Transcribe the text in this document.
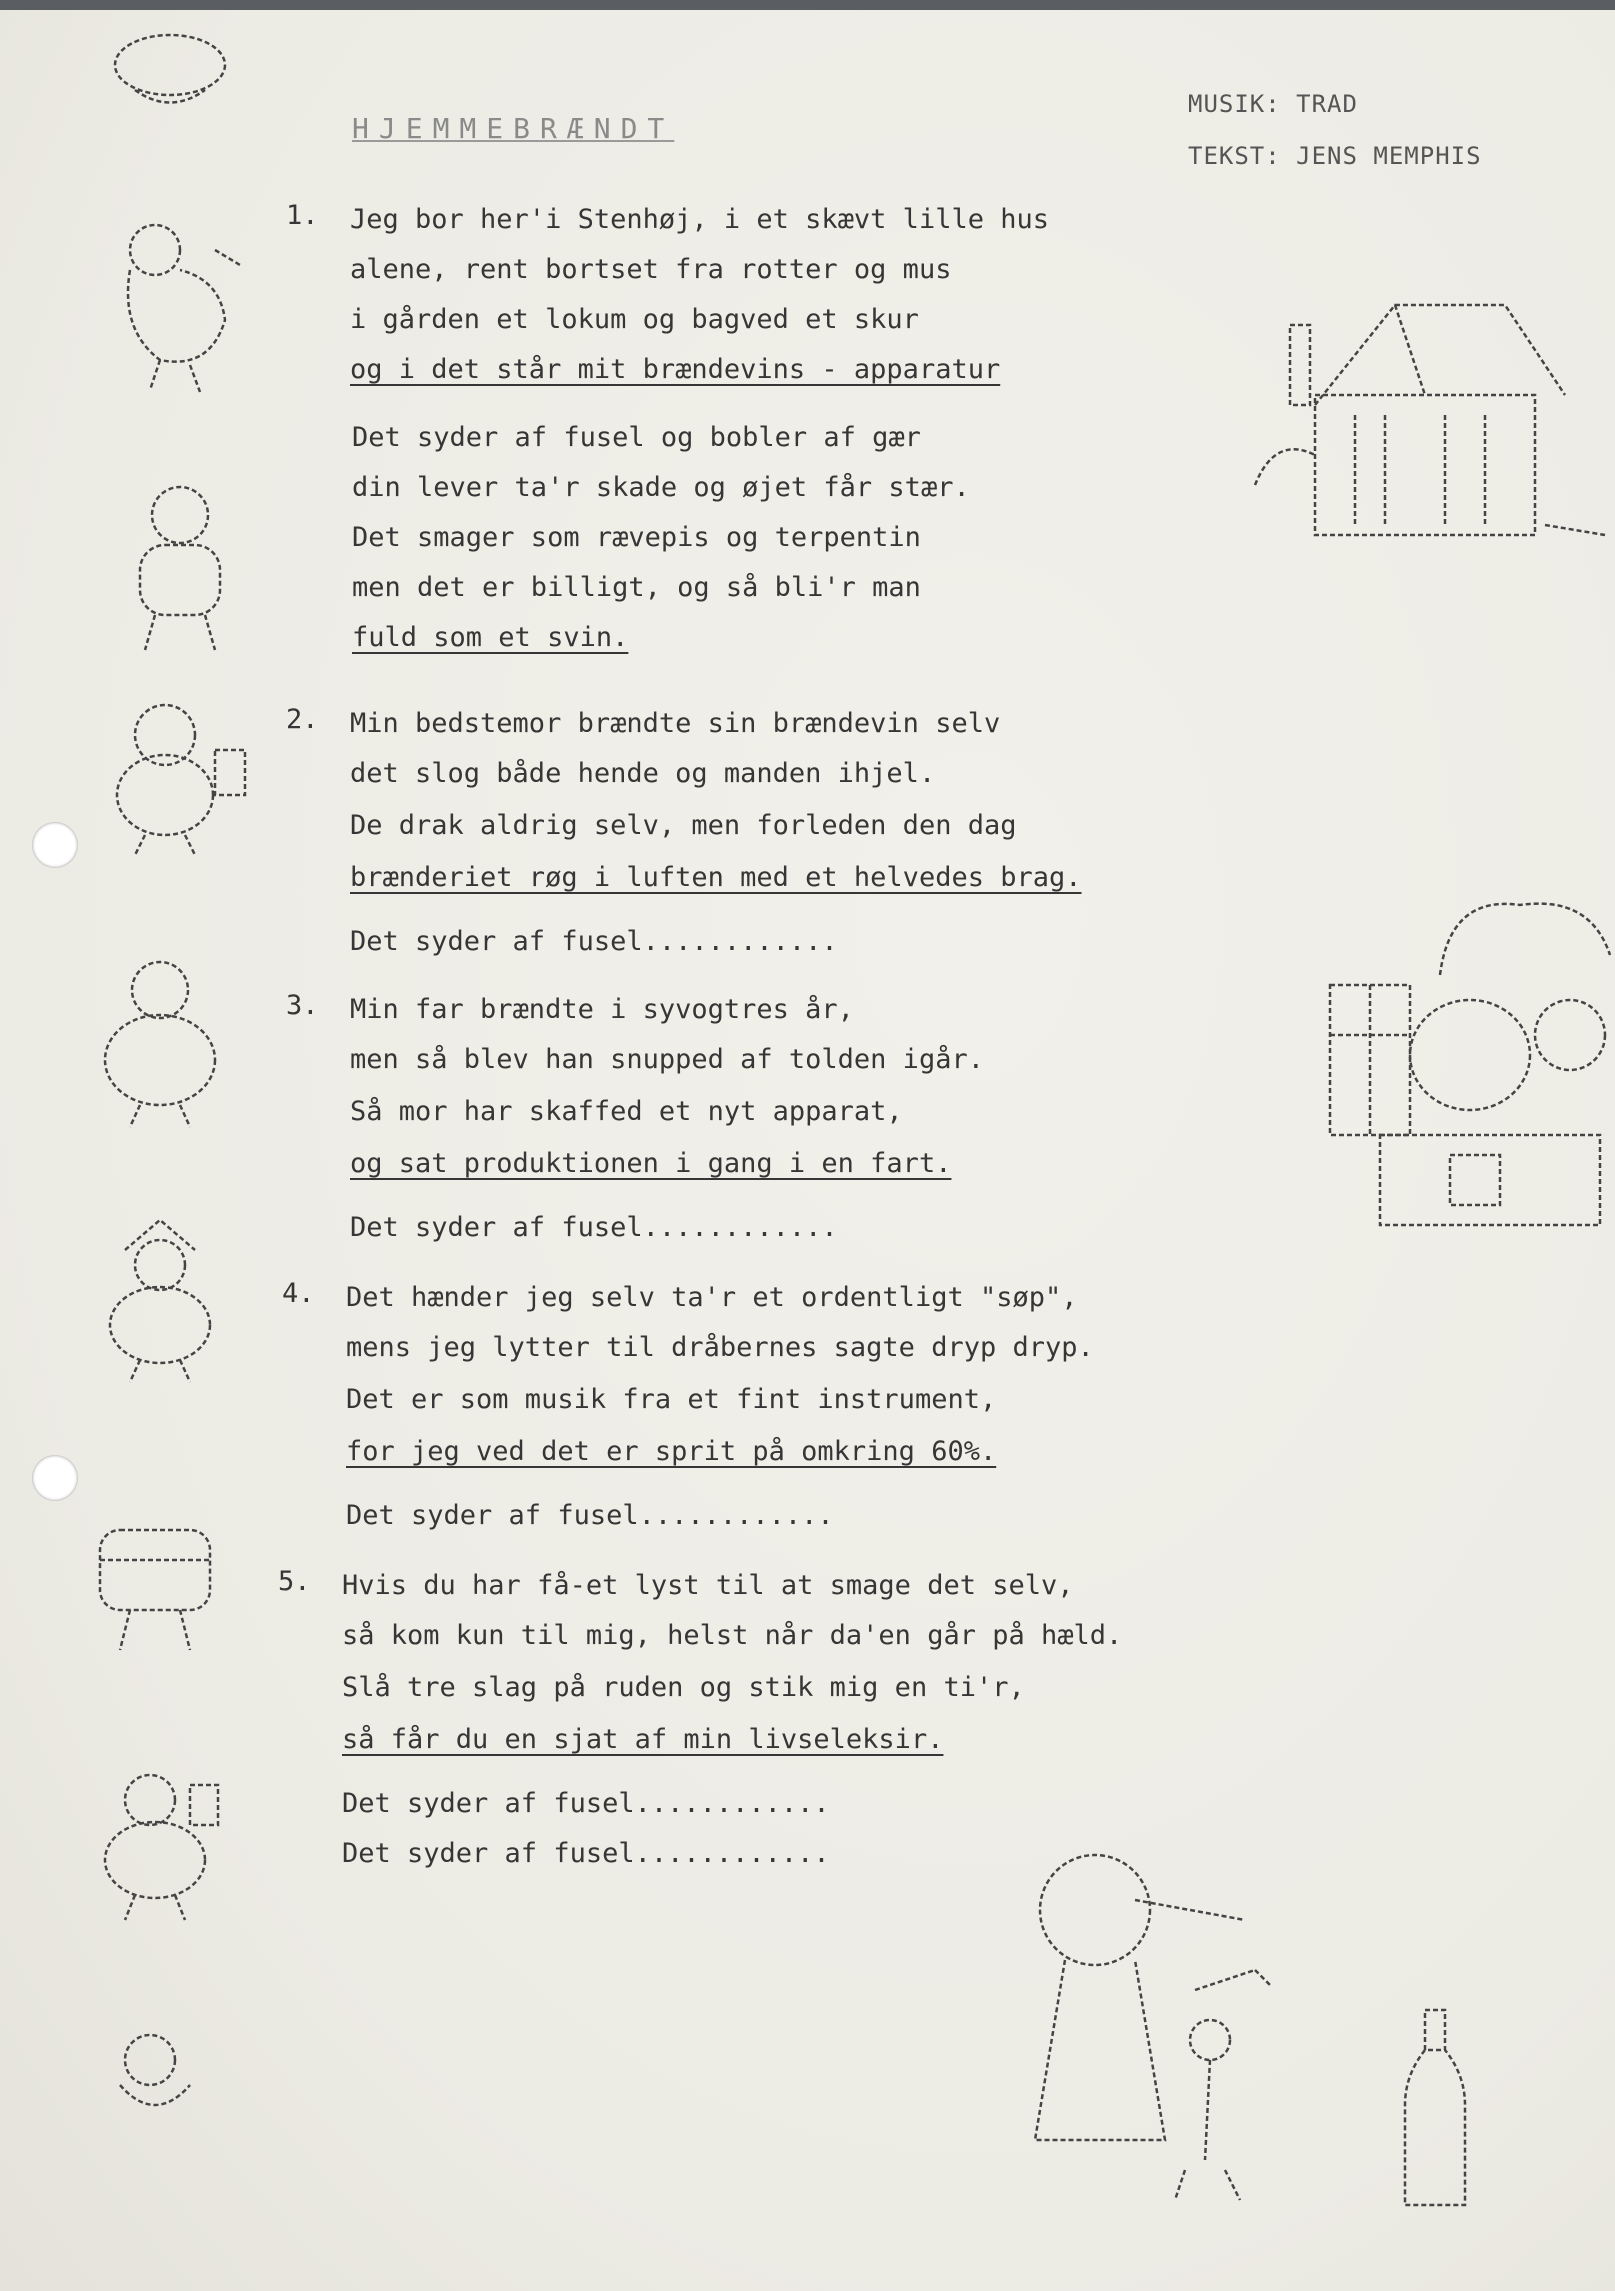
MUSIK: TRAD
TEKST: JENS MEMPHIS
HJEMMEBRÆNDT
1. Jeg bor her'i Stenhøj, i et skævt lille hus
alene, rent bortset fra rotter og mus
i gården et lokum og bagved et skur
og i det står mit brændevins - apparatur
Det syder af fusel og bobler af gær
din lever ta'r skade og øjet får stær.
Det smager som rævepis og terpentin
men det er billigt, og så bli'r man
fuld som et svin.
2. Min bedstemor brændte sin brændevin selv
det slog både hende og manden ihjel.
De drak aldrig selv, men forleden den dag
brænderiet røg i luften med et helvedes brag.
Det syder af fusel............
3. Min far brændte i syvogtres år,
men så blev han snupped af tolden igår.
Så mor har skaffed et nyt apparat,
og sat produktionen i gang i en fart.
Det syder af fusel............
4. Det hænder jeg selv ta'r et ordentligt "søp",
mens jeg lytter til dråbernes sagte dryp dryp.
Det er som musik fra et fint instrument,
for jeg ved det er sprit på omkring 60%.
Det syder af fusel............
5. Hvis du har få-et lyst til at smage det selv,
så kom kun til mig, helst når da'en går på hæld.
Slå tre slag på ruden og stik mig en ti'r,
så får du en sjat af min livseleksir.
Det syder af fusel............
Det syder af fusel............
